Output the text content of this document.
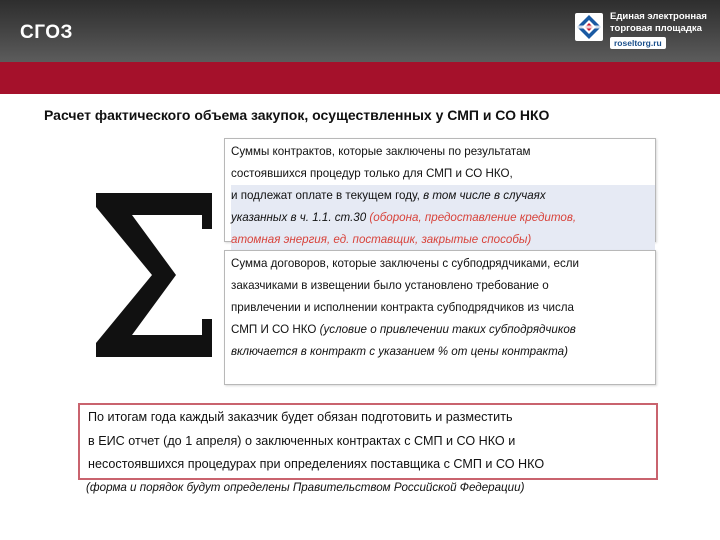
СГОЗ
Единая электронная
торговая площадка
roseltorg.ru
Расчет фактического объема закупок, осуществленных у СМП и СО НКО
Суммы контрактов, которые заключены по результатам
состоявшихся процедур только для СМП и СО НКО,
и подлежат оплате в текущем году, в том числе в случаях
указанных в ч. 1.1. ст.30 (оборона, предоставление кредитов,
атомная энергия, ед. поставщик, закрытые способы)
Сумма договоров, которые заключены с субподрядчиками, если
заказчиками в извещении было установлено требование о
привлечении и исполнении контракта субподрядчиков из числа
СМП И СО НКО (условие о привлечении таких субподрядчиков
включается в контракт с указанием % от цены контракта)
По итогам года каждый заказчик будет обязан подготовить и разместить
в ЕИС отчет (до 1 апреля) о заключенных контрактах с СМП и СО НКО и
несостоявшихся процедурах при определениях поставщика с СМП и СО НКО
(форма и порядок будут определены Правительством Российской Федерации)
